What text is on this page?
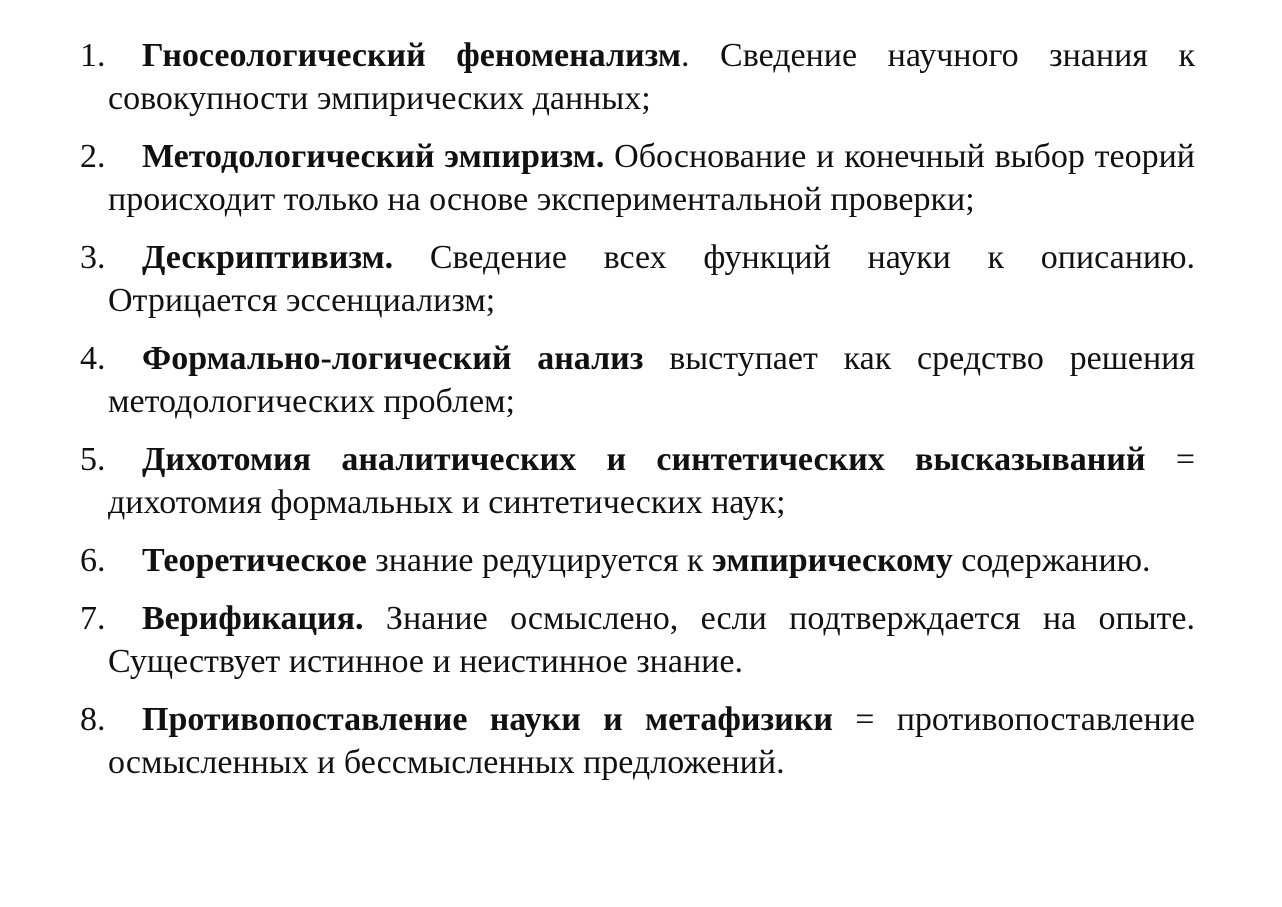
1.	Гносеологический феноменализм. Сведение научного знания к совокупности эмпирических данных;
2.	Методологический эмпиризм. Обоснование и конечный выбор теорий происходит только на основе экспериментальной проверки;
3.	Дескриптивизм. Сведение всех функций науки к описанию. Отрицается эссенциализм;
4.	Формально-логический анализ выступает как средство решения методологических проблем;
5.	Дихотомия аналитических и синтетических высказываний = дихотомия формальных и синтетических наук;
6.	Теоретическое знание редуцируется к эмпирическому содержанию.
7.	Верификация. Знание осмыслено, если подтверждается на опыте. Существует истинное и неистинное знание.
8.	Противопоставление науки и метафизики = противопоставление осмысленных и бессмысленных предложений.
